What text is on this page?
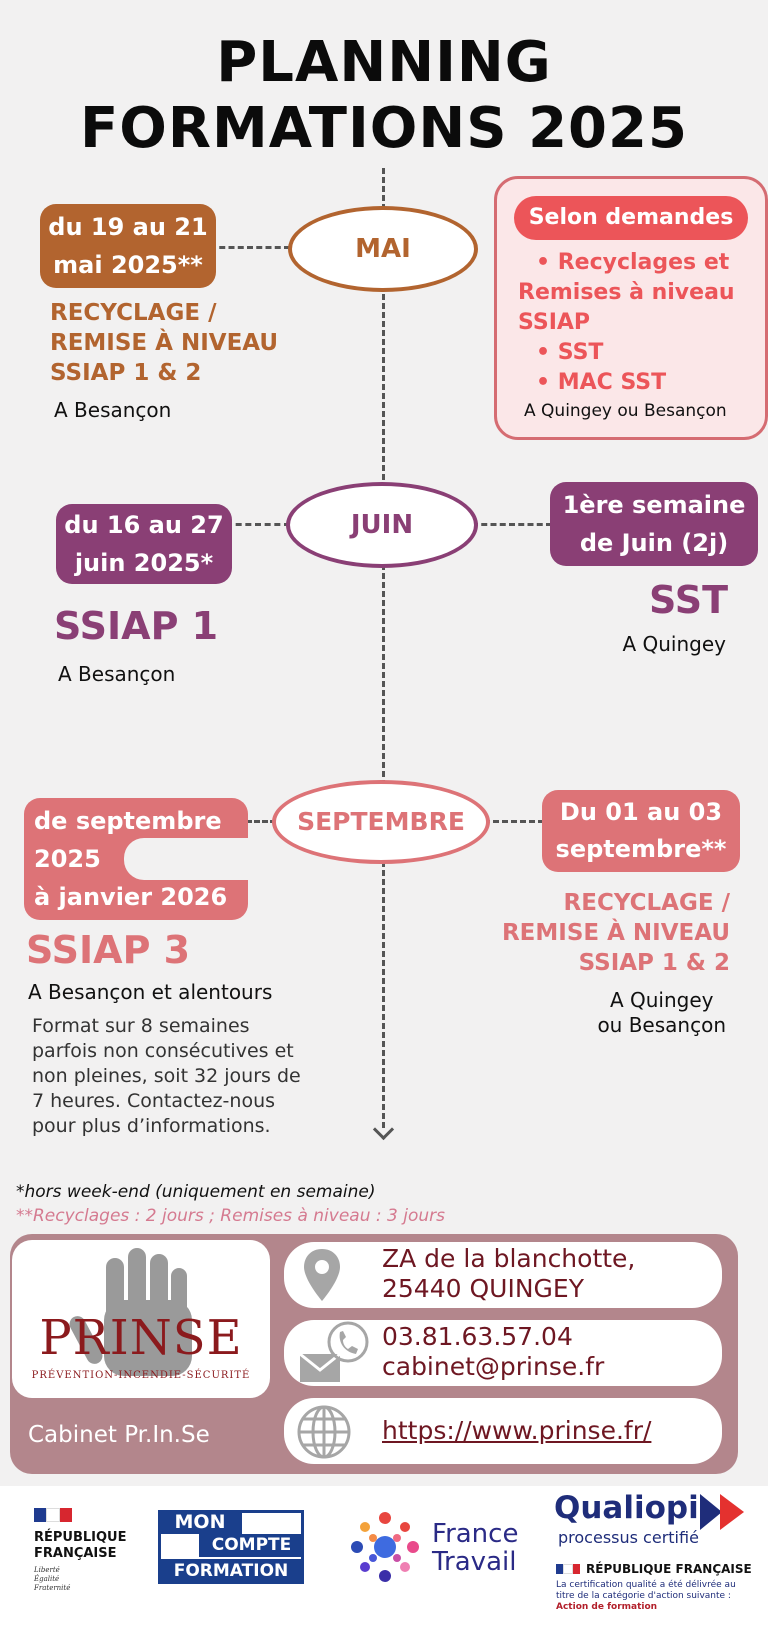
PLANNING
FORMATIONS 2025
MAI
du 19 au 21
mai 2025**
RECYCLAGE /
REMISE À NIVEAU
SSIAP 1 & 2
A Besançon
Selon demandes
• Recyclages et
Remises à niveau
SSIAP
• SST
• MAC SST
A Quingey ou Besançon
JUIN
du 16 au 27
juin 2025*
SSIAP 1
A Besançon
1ère semaine
de Juin (2j)
SST
A Quingey
SEPTEMBRE
de septembre
2025
à janvier 2026
SSIAP 3
A Besançon et alentours
Format sur 8 semaines
parfois non consécutives et
non pleines, soit 32 jours de
7 heures. Contactez-nous
pour plus d’informations.
Du 01 au 03
septembre**
RECYCLAGE /
REMISE À NIVEAU
SSIAP 1 & 2
A Quingey
ou Besançon
*hors week-end (uniquement en semaine)
**Recyclages : 2 jours ; Remises à niveau : 3 jours
PRINSE
PRÉVENTION-INCENDIE-SÉCURITÉ
Cabinet Pr.In.Se
ZA de la blanchotte,
25440 QUINGEY
03.81.63.57.04
cabinet@prinse.fr
https://www.prinse.fr/
RÉPUBLIQUE
FRANÇAISE
Liberté
Égalité
Fraternité
MON
COMPTE
FORMATION
France
Travail
Qualiopi
processus certifié
RÉPUBLIQUE FRANÇAISE
La certification qualité a été délivrée au
titre de la catégorie d'action suivante :
Action de formation
